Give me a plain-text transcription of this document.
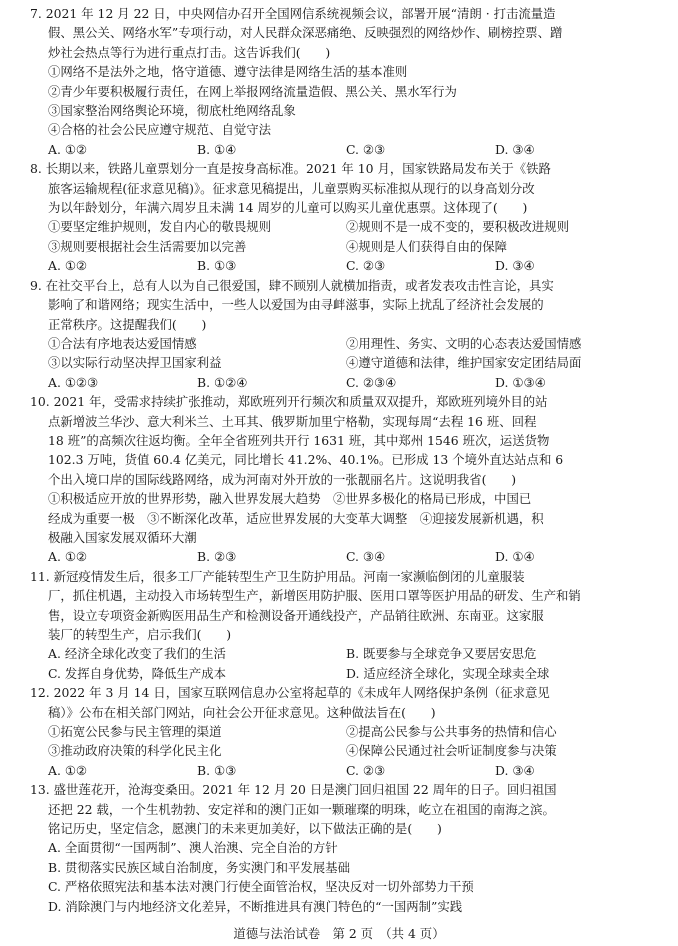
7. 2021 年 12 月 22 日，中央网信办召开全国网信系统视频会议，部署开展“清朗 · 打击流量造
假、黑公关、网络水军”专项行动，对人民群众深恶痛绝、反映强烈的网络炒作、刷榜控票、蹭
炒社会热点等行为进行重点打击。这告诉我们(　　)
①网络不是法外之地，恪守道德、遵守法律是网络生活的基本准则
②青少年要积极履行责任，在网上举报网络流量造假、黑公关、黑水军行为
③国家整治网络舆论环境，彻底杜绝网络乱象
④合格的社会公民应遵守规范、自觉守法
A. ①②	B. ①④	C. ②③	D. ③④
8. 长期以来，铁路儿童票划分一直是按身高标准。2021 年 10 月，国家铁路局发布关于《铁路
旅客运输规程(征求意见稿)》。征求意见稿提出，儿童票购买标准拟从现行的以身高划分改
为以年龄划分，年满六周岁且未满 14 周岁的儿童可以购买儿童优惠票。这体现了(　　)
①要坚定维护规则，发自内心的敬畏规则	②规则不是一成不变的，要积极改进规则
③规则要根据社会生活需要加以完善	④规则是人们获得自由的保障
A. ①②	B. ①③	C. ②③	D. ③④
9. 在社交平台上，总有人以为自己很爱国，肆不顾别人就横加指责，或者发表攻击性言论，具实
影响了和谐网络；现实生活中，一些人以爱国为由寻衅滋事，实际上扰乱了经济社会发展的
正常秩序。这提醒我们(　　)
①合法有序地表达爱国情感	②用理性、务实、文明的心态表达爱国情感
③以实际行动坚决捍卫国家利益	④遵守道德和法律，维护国家安定团结局面
A. ①②③	B. ①②④	C. ②③④	D. ①③④
10. 2021 年，受需求持续扩张推动，郑欧班列开行频次和质量双双提升，郑欧班列境外目的站
点新增波兰华沙、意大利米兰、土耳其、俄罗斯加里宁格勒，实现每周“去程 16 班、回程
18 班”的高频次往返均衡。全年全省班列共开行 1631 班，其中郑州 1546 班次，运送货物
102.3 万吨，货值 60.4 亿美元，同比增长 41.2%、40.1%。已形成 13 个境外直达站点和 6
个出入境口岸的国际线路网络，成为河南对外开放的一张靓丽名片。这说明我省(　　)
①积极适应开放的世界形势，融入世界发展大趋势　②世界多极化的格局已形成，中国已
经成为重要一极　③不断深化改革，适应世界发展的大变革大调整　④迎接发展新机遇，积
极融入国家发展双循环大潮
A. ①②	B. ②③	C. ③④	D. ①④
11. 新冠疫情发生后，很多工厂产能转型生产卫生防护用品。河南一家濒临倒闭的儿童服装
厂，抓住机遇，主动投入市场转型生产，新增医用防护服、医用口罩等医护用品的研发、生产和销
售，设立专项资金新购医用品生产和检测设备开通线投产，产品销往欧洲、东南亚。这家服
装厂的转型生产，启示我们(　　)
A. 经济全球化改变了我们的生活	B. 既要参与全球竞争又要居安思危
C. 发挥自身优势，降低生产成本	D. 适应经济全球化，实现全球卖全球
12. 2022 年 3 月 14 日，国家互联网信息办公室将起草的《未成年人网络保护条例（征求意见
稿）》公布在相关部门网站，向社会公开征求意见。这种做法旨在(　　)
①拓宽公民参与民主管理的渠道	②提高公民参与公共事务的热情和信心
③推动政府决策的科学化民主化	④保障公民通过社会听证制度参与决策
A. ①②	B. ①③	C. ②③	D. ③④
13. 盛世莲花开，沧海变桑田。2021 年 12 月 20 日是澳门回归祖国 22 周年的日子。回归祖国
还把 22 载，一个生机勃勃、安定祥和的澳门正如一颗璀璨的明珠，屹立在祖国的南海之滨。
铭记历史，坚定信念，愿澳门的未来更加美好，以下做法正确的是(　　)
A. 全面贯彻“一国两制”、澳人治澳、完全自治的方针
B. 贯彻落实民族区域自治制度，务实澳门和平发展基础
C. 严格依照宪法和基本法对澳门行使全面管治权，坚决反对一切外部势力干预
D. 消除澳门与内地经济文化差异，不断推进具有澳门特色的“一国两制”实践
道德与法治试卷　第 2 页　（共 4 页）
